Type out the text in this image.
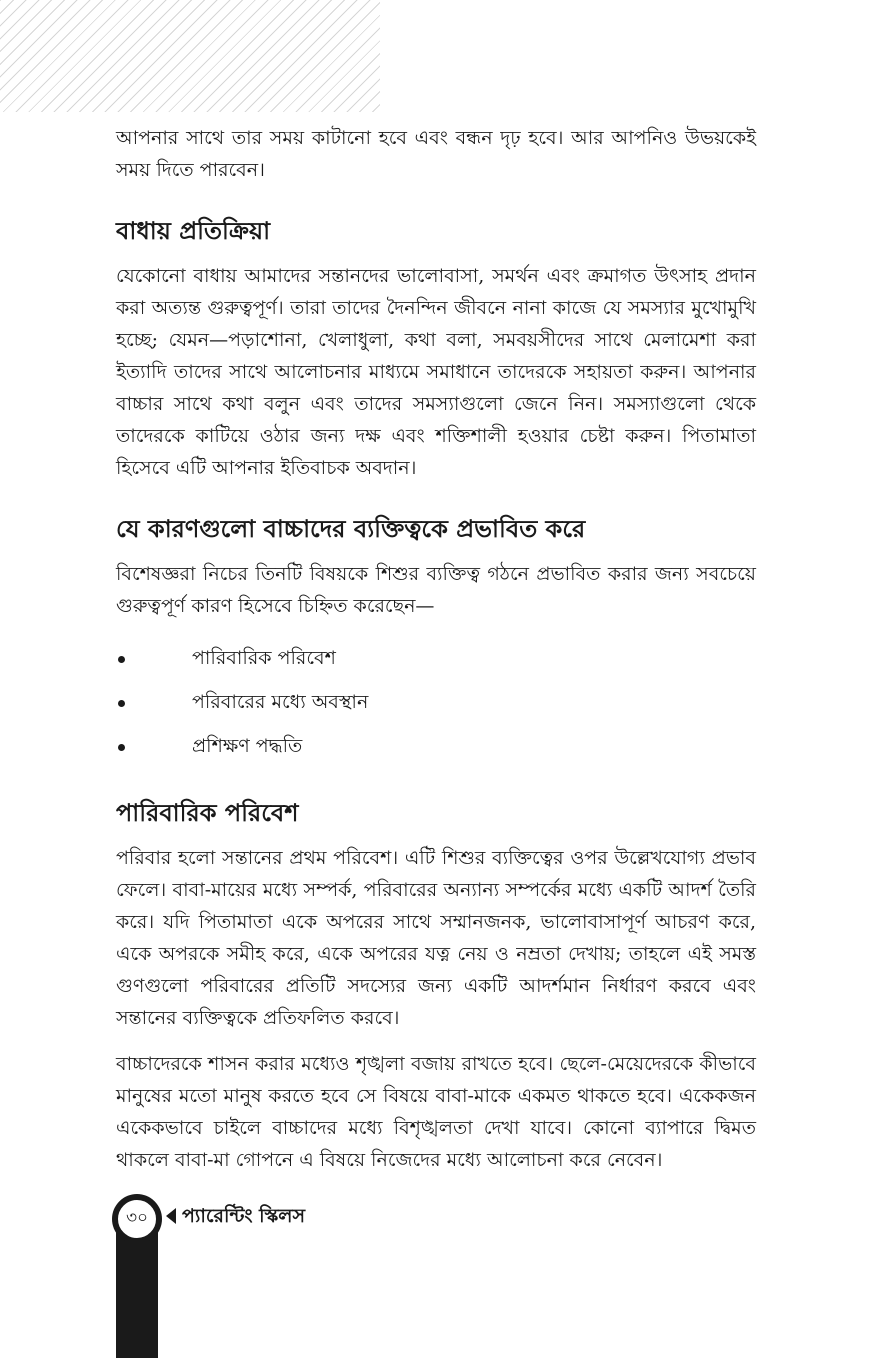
আপনার সাথে তার সময় কাটানো হবে এবং বন্ধন দৃঢ় হবে। আর আপনিও উভয়কেই সময় দিতে পারবেন।

বাধায় প্রতিক্রিয়া

যেকোনো বাধায় আমাদের সন্তানদের ভালোবাসা, সমর্থন এবং ক্রমাগত উৎসাহ প্রদান করা অত্যন্ত গুরুত্বপূর্ণ। তারা তাদের দৈনন্দিন জীবনে নানা কাজে যে সমস্যার মুখোমুখি হচ্ছে; যেমন—পড়াশোনা, খেলাধুলা, কথা বলা, সমবয়সীদের সাথে মেলামেশা করা ইত্যাদি তাদের সাথে আলোচনার মাধ্যমে সমাধানে তাদেরকে সহায়তা করুন। আপনার বাচ্চার সাথে কথা বলুন এবং তাদের সমস্যাগুলো জেনে নিন। সমস্যাগুলো থেকে তাদেরকে কাটিয়ে ওঠার জন্য দক্ষ এবং শক্তিশালী হওয়ার চেষ্টা করুন। পিতামাতা হিসেবে এটি আপনার ইতিবাচক অবদান।

যে কারণগুলো বাচ্চাদের ব্যক্তিত্বকে প্রভাবিত করে

বিশেষজ্ঞরা নিচের তিনটি বিষয়কে শিশুর ব্যক্তিত্ব গঠনে প্রভাবিত করার জন্য সবচেয়ে গুরুত্বপূর্ণ কারণ হিসেবে চিহ্নিত করেছেন—

পারিবারিক পরিবেশ
পরিবারের মধ্যে অবস্থান
প্রশিক্ষণ পদ্ধতি
পারিবারিক পরিবেশ

পরিবার হলো সন্তানের প্রথম পরিবেশ। এটি শিশুর ব্যক্তিত্বের ওপর উল্লেখযোগ্য প্রভাব ফেলে। বাবা-মায়ের মধ্যে সম্পর্ক, পরিবারের অন্যান্য সম্পর্কের মধ্যে একটি আদর্শ তৈরি করে। যদি পিতামাতা একে অপরের সাথে সম্মানজনক, ভালোবাসাপূর্ণ আচরণ করে, একে অপরকে সমীহ করে, একে অপরের যত্ন নেয় ও নম্রতা দেখায়; তাহলে এই সমস্ত গুণগুলো পরিবারের প্রতিটি সদস্যের জন্য একটি আদর্শমান নির্ধারণ করবে এবং সন্তানের ব্যক্তিত্বকে প্রতিফলিত করবে।

বাচ্চাদেরকে শাসন করার মধ্যেও শৃঙ্খলা বজায় রাখতে হবে। ছেলে-মেয়েদেরকে কীভাবে মানুষের মতো মানুষ করতে হবে সে বিষয়ে বাবা-মাকে একমত থাকতে হবে। একেকজন একেকভাবে চাইলে বাচ্চাদের মধ্যে বিশৃঙ্খলতা দেখা যাবে। কোনো ব্যাপারে দ্বিমত থাকলে বাবা-মা গোপনে এ বিষয়ে নিজেদের মধ্যে আলোচনা করে নেবেন।

৩০	প্যারেন্টিং স্কিলস
